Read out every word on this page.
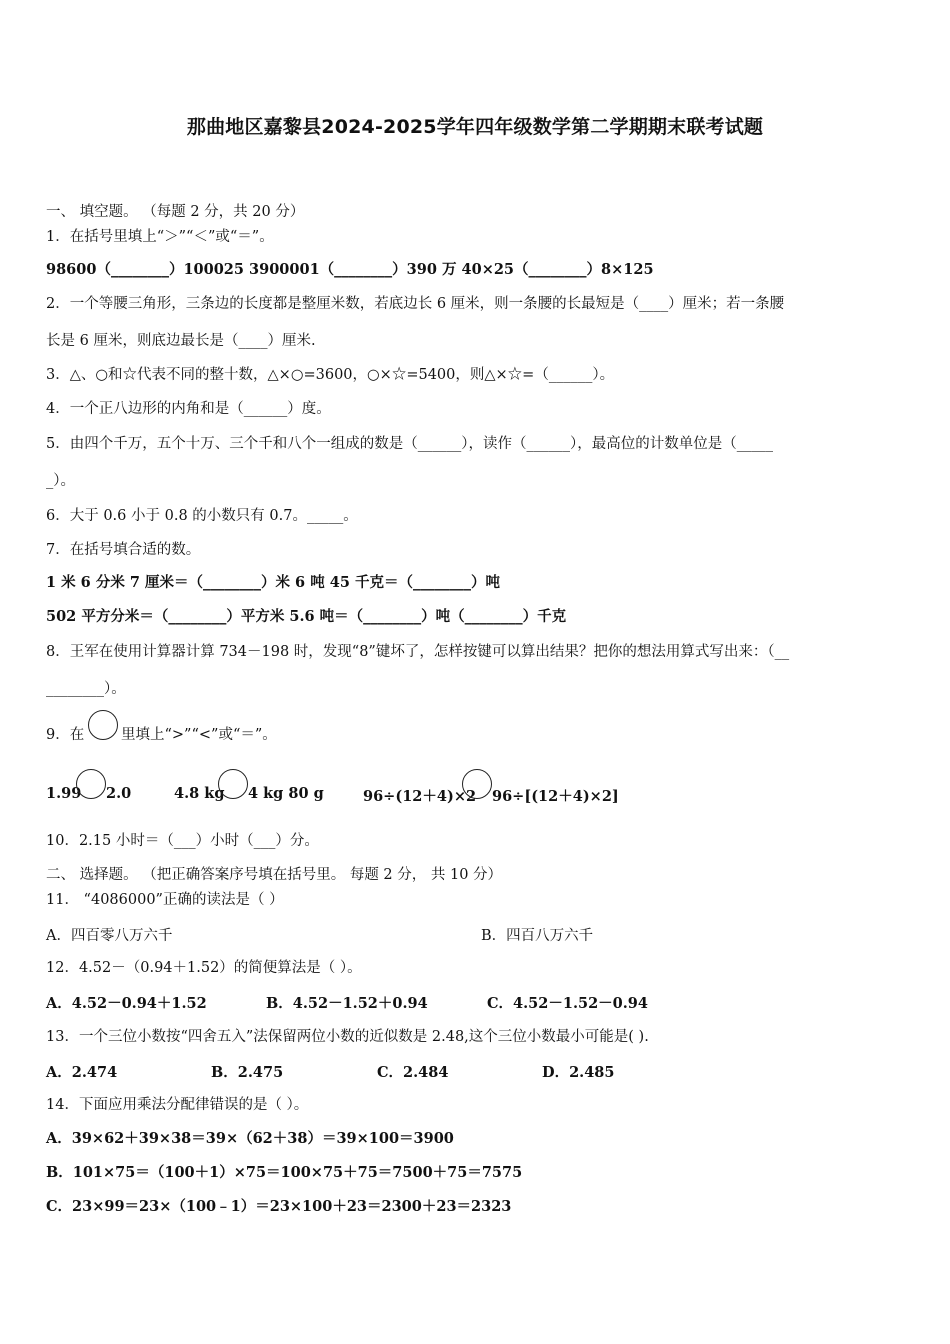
那曲地区嘉黎县2024-2025学年四年级数学第二学期期末联考试题
一、 填空题。 （每题 2 分，共 20 分）
1．在括号里填上“＞”“＜”或“＝”。
98600（________）100025 3900001（________）390 万 40×25（________）8×125
2．一个等腰三角形，三条边的长度都是整厘米数，若底边长 6 厘米，则一条腰的长最短是（____）厘米；若一条腰
长是 6 厘米，则底边最长是（____）厘米.
3．△、○和☆代表不同的整十数，△×○=3600，○×☆=5400，则△×☆=（______）。
4．一个正八边形的内角和是（______）度。
5．由四个千万，五个十万、三个千和八个一组成的数是（______），读作（______），最高位的计数单位是（_____
_）。
6．大于 0.6 小于 0.8 的小数只有 0.7。_____。
7．在括号填合适的数。
1 米 6 分米 7 厘米＝（________）米 6 吨 45 千克＝（________）吨
502 平方分米＝（________）平方米 5.6 吨＝（________）吨（________）千克
8．王军在使用计算器计算 734－198 时，发现“8”键坏了，怎样按键可以算出结果？把你的想法用算式写出来：（__
________）。
9．在	里填上“>”“<”或“＝”。
1.99 2.0	4.8 kg 4 kg 80 g	96÷(12＋4)×2 96÷[(12＋4)×2]
10．2.15 小时＝（___）小时（___）分。
二、 选择题。 （把正确答案序号填在括号里。 每题 2 分， 共 10 分）
11． “4086000”正确的读法是（ ）
A．四百零八万六千	B．四百八万六千
12．4.52－（0.94＋1.52）的简便算法是（ ）。
A．4.52－0.94＋1.52	B．4.52－1.52＋0.94	C．4.52－1.52－0.94
13．一个三位小数按“四舍五入”法保留两位小数的近似数是 2.48,这个三位小数最小可能是( ).
A．2.474	B．2.475	C．2.484	D．2.485
14．下面应用乘法分配律错误的是（ ）。
A．39×62＋39×38＝39×（62＋38）＝39×100＝3900
B．101×75＝（100＋1）×75＝100×75＋75＝7500＋75＝7575
C．23×99＝23×（100﹣1）＝23×100＋23＝2300＋23＝2323
